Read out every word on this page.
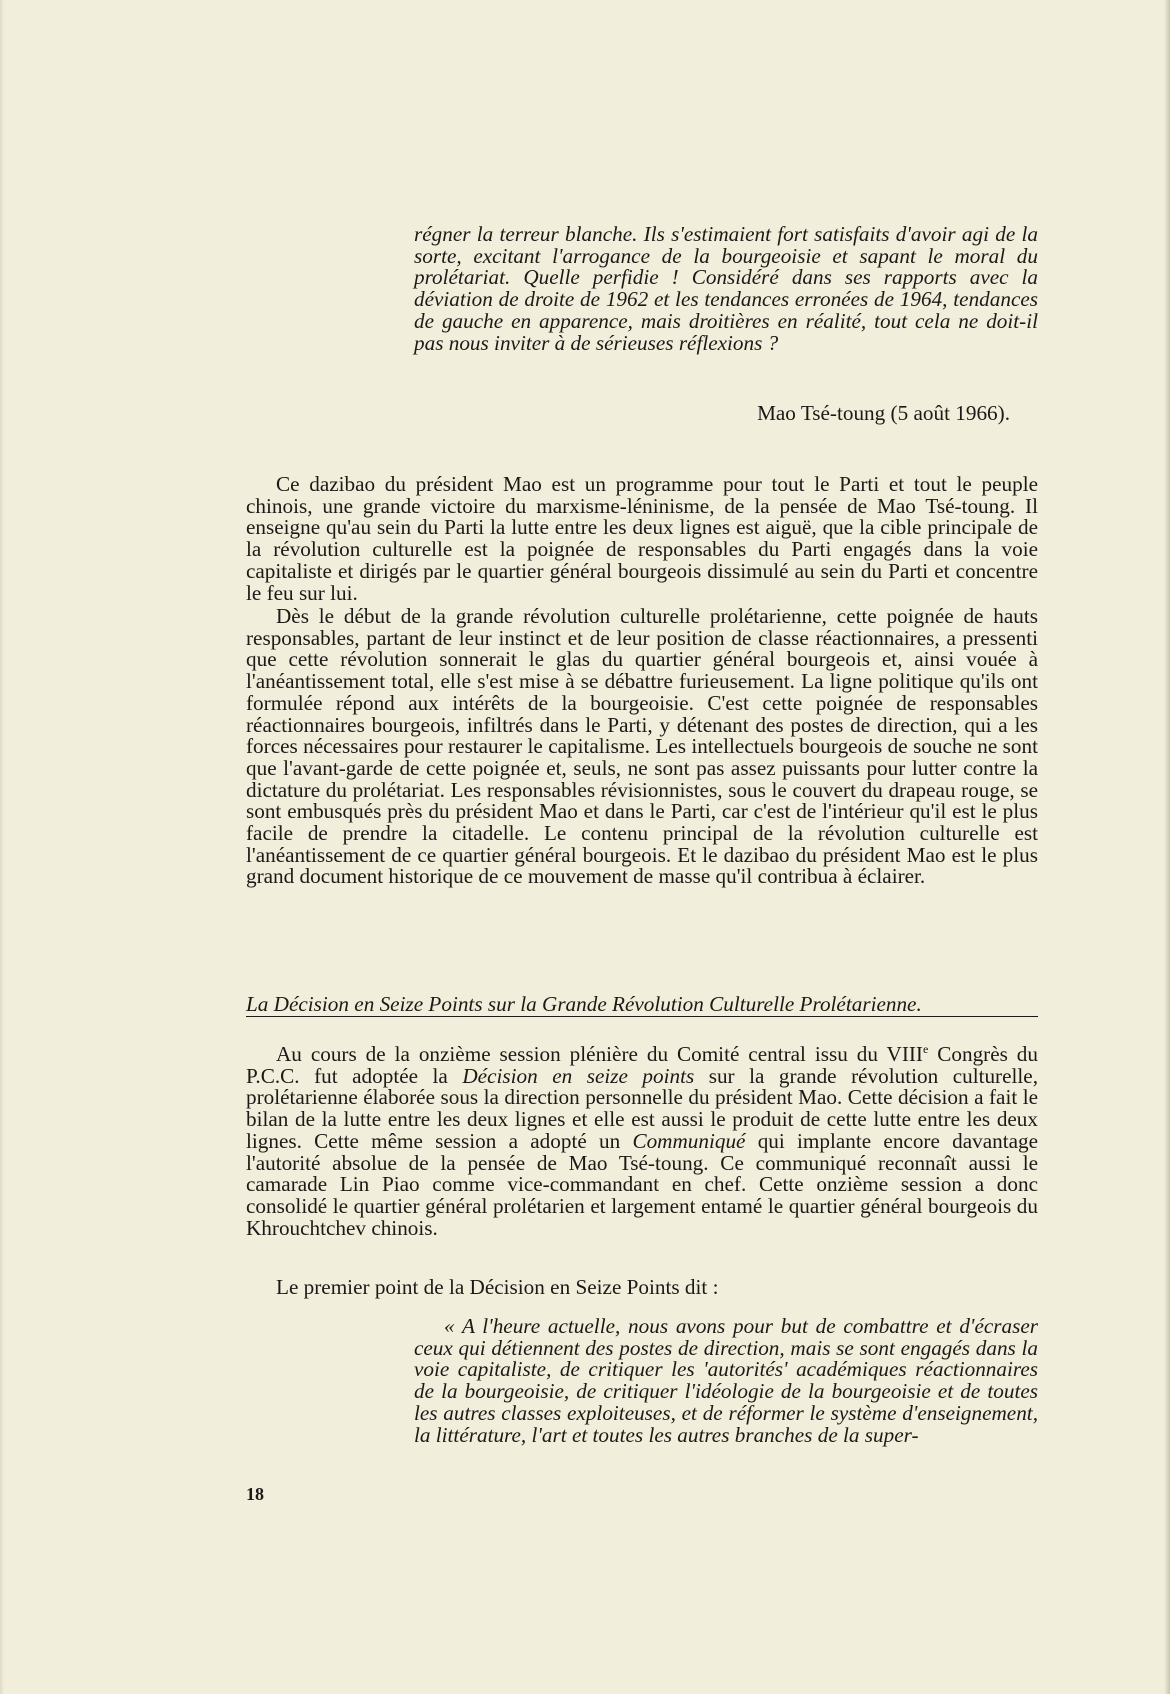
régner la terreur blanche. Ils s'estimaient fort satisfaits d'avoir agi de la sorte, excitant l'arrogance de la bourgeoisie et sapant le moral du prolétariat. Quelle perfidie ! Considéré dans ses rapports avec la déviation de droite de 1962 et les tendances erronées de 1964, tendances de gauche en apparence, mais droitières en réalité, tout cela ne doit-il pas nous inviter à de sérieuses réflexions ?

Mao Tsé-toung (5 août 1966).

Ce dazibao du président Mao est un programme pour tout le Parti et tout le peuple chinois, une grande victoire du marxisme-léninisme, de la pensée de Mao Tsé-toung. Il enseigne qu'au sein du Parti la lutte entre les deux lignes est aiguë, que la cible principale de la révolution culturelle est la poignée de responsables du Parti engagés dans la voie capitaliste et dirigés par le quartier général bourgeois dissimulé au sein du Parti et concentre le feu sur lui.

Dès le début de la grande révolution culturelle prolétarienne, cette poignée de hauts responsables, partant de leur instinct et de leur position de classe réactionnaires, a pressenti que cette révolution sonnerait le glas du quartier général bourgeois et, ainsi vouée à l'anéantissement total, elle s'est mise à se débattre furieusement. La ligne politique qu'ils ont formulée répond aux intérêts de la bourgeoisie. C'est cette poignée de responsables réactionnaires bourgeois, infiltrés dans le Parti, y détenant des postes de direction, qui a les forces nécessaires pour restaurer le capitalisme. Les intellectuels bourgeois de souche ne sont que l'avant-garde de cette poignée et, seuls, ne sont pas assez puissants pour lutter contre la dictature du prolétariat. Les responsables révisionnistes, sous le couvert du drapeau rouge, se sont embusqués près du président Mao et dans le Parti, car c'est de l'intérieur qu'il est le plus facile de prendre la citadelle. Le contenu principal de la révolution culturelle est l'anéantissement de ce quartier général bourgeois. Et le dazibao du président Mao est le plus grand document historique de ce mouvement de masse qu'il contribua à éclairer.

La Décision en Seize Points sur la Grande Révolution Culturelle Prolétarienne.

Au cours de la onzième session plénière du Comité central issu du VIIIe Congrès du P.C.C. fut adoptée la Décision en seize points sur la grande révolution culturelle, prolétarienne élaborée sous la direction personnelle du président Mao. Cette décision a fait le bilan de la lutte entre les deux lignes et elle est aussi le produit de cette lutte entre les deux lignes. Cette même session a adopté un Communiqué qui implante encore davantage l'autorité absolue de la pensée de Mao Tsé-toung. Ce communiqué reconnaît aussi le camarade Lin Piao comme vice-commandant en chef. Cette onzième session a donc consolidé le quartier général prolétarien et largement entamé le quartier général bourgeois du Khrouchtchev chinois.

Le premier point de la Décision en Seize Points dit :

« A l'heure actuelle, nous avons pour but de combattre et d'écraser ceux qui détiennent des postes de direction, mais se sont engagés dans la voie capitaliste, de critiquer les 'autorités' académiques réactionnaires de la bourgeoisie, de critiquer l'idéologie de la bourgeoisie et de toutes les autres classes exploiteuses, et de réformer le système d'enseignement, la littérature, l'art et toutes les autres branches de la super-

18
